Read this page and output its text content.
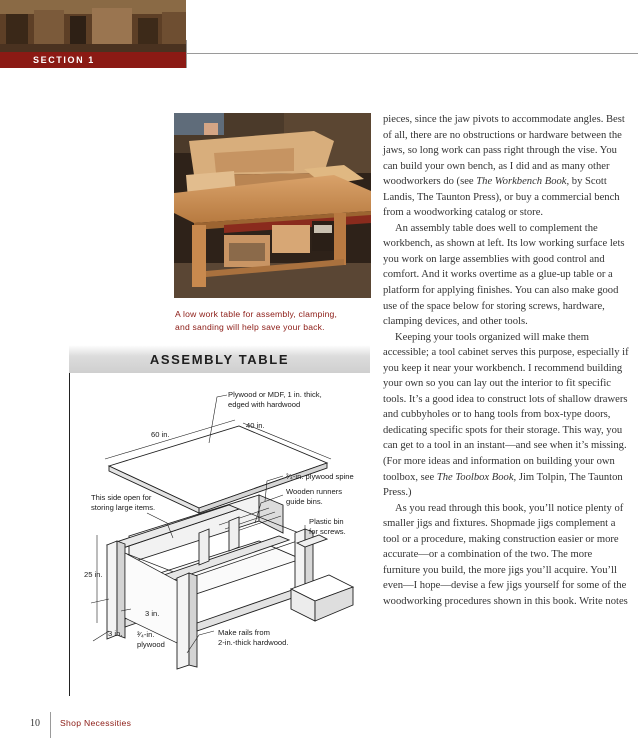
SECTION 1
A low work table for assembly, clamping,
and sanding will help save your back.
ASSEMBLY TABLE
Plywood or MDF, 1 in. thick,
edged with hardwood
40 in.
60 in.
³⁄₄-in. plywood spine
Wooden runners
guide bins.
This side open for
storing large items.
Plastic bin
for screws.
25 in.
3 in.
3 in. ³⁄₄-in.
plywood
Make rails from
2-in.-thick hardwood.

pieces, since the jaw pivots to accommodate angles. Best of all, there are no obstructions or hardware between the jaws, so long work can pass right through the vise. You can build your own bench, as I did and as many other woodworkers do (see The Workbench Book, by Scott Landis, The Taunton Press), or buy a commercial bench from a woodworking catalog or store.

An assembly table does well to complement the workbench, as shown at left. Its low working surface lets you work on large assemblies with good control and comfort. And it works overtime as a glue-up table or a platform for applying finishes. You can also make good use of the space below for storing screws, hardware, clamping devices, and other tools.

Keeping your tools organized will make them accessible; a tool cabinet serves this purpose, especially if you keep it near your workbench. I recommend building your own so you can lay out the interior to fit specific tools. It’s a good idea to construct lots of shallow drawers and cubbyholes or to hang tools from box-type doors, dedicating specific spots for their storage. This way, you can get to a tool in an instant—and see when it’s missing. (For more ideas and information on building your own toolbox, see The Toolbox Book, Jim Tolpin, The Taunton Press.)

As you read through this book, you’ll notice plenty of smaller jigs and fixtures. Shopmade jigs complement a tool or a procedure, making construction easier or more accurate—or a combination of the two. The more furniture you build, the more jigs you’ll acquire. You’ll even—I hope—devise a few jigs yourself for some of the woodworking procedures shown in this book. Write notes

10 Shop Necessities
